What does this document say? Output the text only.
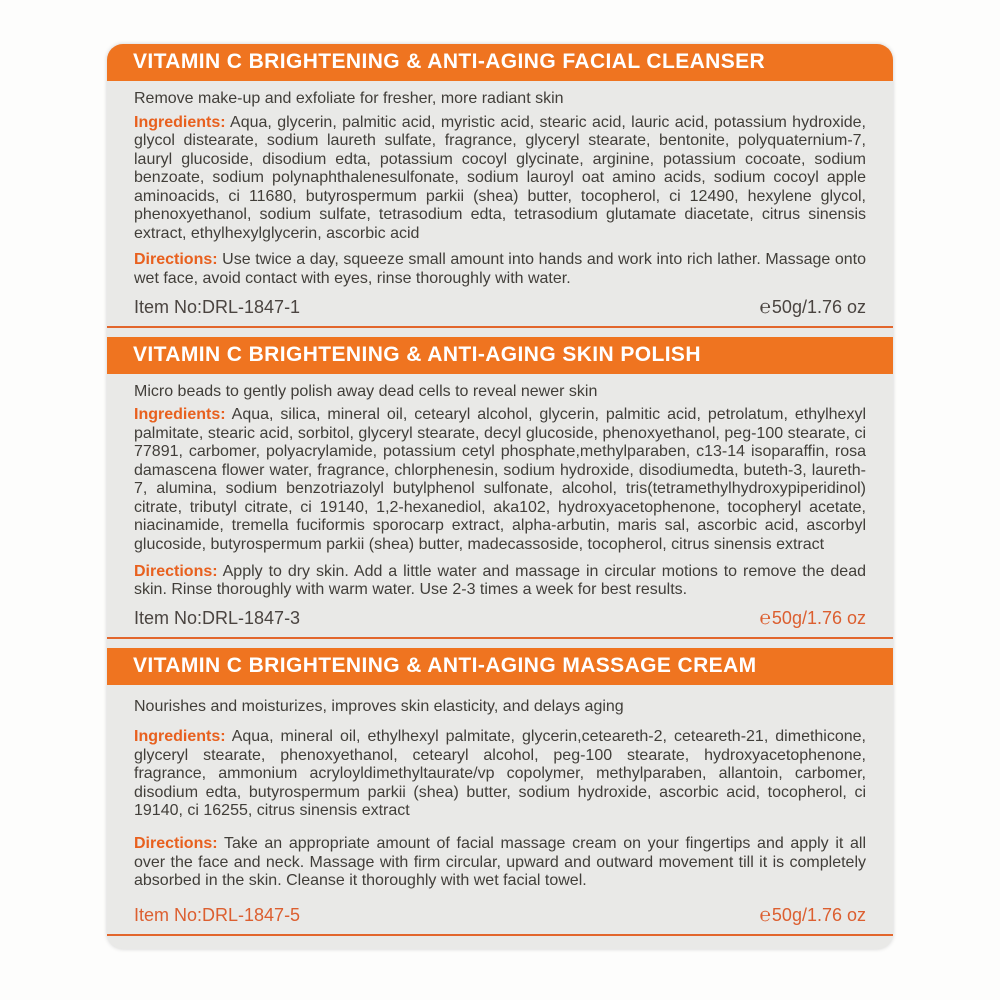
VITAMIN C BRIGHTENING & ANTI-AGING FACIAL CLEANSER

Remove make-up and exfoliate for fresher, more radiant skin

Ingredients: Aqua, glycerin, palmitic acid, myristic acid, stearic acid, lauric acid, potassium hydroxide, glycol distearate, sodium laureth sulfate, fragrance, glyceryl stearate, bentonite, polyquaternium-7, lauryl glucoside, disodium edta, potassium cocoyl glycinate, arginine, potassium cocoate, sodium benzoate, sodium polynaphthalenesulfonate, sodium lauroyl oat amino acids, sodium cocoyl apple aminoacids, ci 11680, butyrospermum parkii (shea) butter, tocopherol, ci 12490, hexylene glycol, phenoxyethanol, sodium sulfate, tetrasodium edta, tetrasodium glutamate diacetate, citrus sinensis extract, ethylhexylglycerin, ascorbic acid

Directions: Use twice a day, squeeze small amount into hands and work into rich lather. Massage onto wet face, avoid contact with eyes, rinse thoroughly with water.

Item No:DRL-1847-1	℮50g/1.76 oz
VITAMIN C BRIGHTENING & ANTI-AGING SKIN POLISH

Micro beads to gently polish away dead cells to reveal newer skin

Ingredients: Aqua, silica, mineral oil, cetearyl alcohol, glycerin, palmitic acid, petrolatum, ethylhexyl palmitate, stearic acid, sorbitol, glyceryl stearate, decyl glucoside, phenoxyethanol, peg-100 stearate, ci 77891, carbomer, polyacrylamide, potassium cetyl phosphate,methylparaben, c13-14 isoparaffin, rosa damascena flower water, fragrance, chlorphenesin, sodium hydroxide, disodiumedta, buteth-3, laureth-7, alumina, sodium benzotriazolyl butylphenol sulfonate, alcohol, tris(tetramethylhydroxypiperidinol) citrate, tributyl citrate, ci 19140, 1,2-hexanediol, aka102, hydroxyacetophenone, tocopheryl acetate, niacinamide, tremella fuciformis sporocarp extract, alpha-arbutin, maris sal, ascorbic acid, ascorbyl glucoside, butyrospermum parkii (shea) butter, madecassoside, tocopherol, citrus sinensis extract

Directions: Apply to dry skin. Add a little water and massage in circular motions to remove the dead skin. Rinse thoroughly with warm water. Use 2-3 times a week for best results.

Item No:DRL-1847-3	℮50g/1.76 oz
VITAMIN C BRIGHTENING & ANTI-AGING MASSAGE CREAM

Nourishes and moisturizes, improves skin elasticity, and delays aging

Ingredients: Aqua, mineral oil, ethylhexyl palmitate, glycerin,ceteareth-2, ceteareth-21, dimethicone, glyceryl stearate, phenoxyethanol, cetearyl alcohol, peg-100 stearate, hydroxyacetophenone, fragrance, ammonium acryloyldimethyltaurate/vp copolymer, methylparaben, allantoin, carbomer, disodium edta, butyrospermum parkii (shea) butter, sodium hydroxide, ascorbic acid, tocopherol, ci 19140, ci 16255, citrus sinensis extract

Directions: Take an appropriate amount of facial massage cream on your fingertips and apply it all over the face and neck. Massage with firm circular, upward and outward movement till it is completely absorbed in the skin. Cleanse it thoroughly with wet facial towel.

Item No:DRL-1847-5	℮50g/1.76 oz
